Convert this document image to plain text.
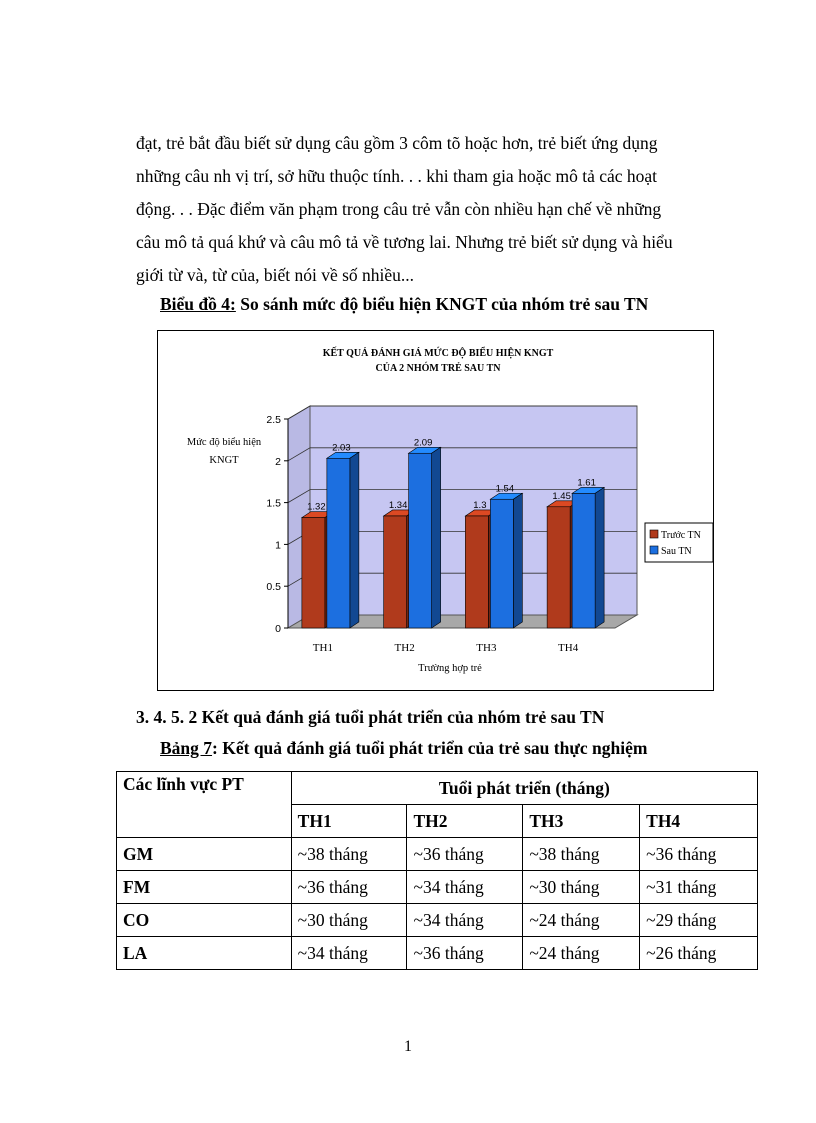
đạt, trẻ bắt đầu biết sử dụng câu gồm 3 côm tõ hoặc hơn, trẻ biết ứng dụng
những câu nh vị trí, sở hữu thuộc tính. . . khi tham gia hoặc mô tả các hoạt
động. . . Đặc điểm văn phạm trong câu trẻ vẫn còn nhiều hạn chế về những
câu mô tả quá khứ và câu mô tả về tương lai. Nhưng trẻ biết sử dụng và hiểu
giới từ và, từ của, biết nói về số nhiều...
Biểu đồ 4: So sánh mức độ biểu hiện KNGT của nhóm trẻ sau TN
KẾT QUẢ ĐÁNH GIÁ MỨC ĐỘ BIỂU HIỆN KNGT
CỦA 2 NHÓM TRẺ SAU TN
Mức độ biểu hiện
KNGT
Trường hợp trẻ
0
0.5
1
1.5
2
2.5
1.32
2.03
TH1
1.34
2.09
TH2
1.3
1.54
TH3
1.45
1.61
TH4
Trước TN
Sau TN
3. 4. 5. 2 Kết quả đánh giá tuổi phát triển của nhóm trẻ sau TN
Bảng 7: Kết quả đánh giá tuổi phát triển của trẻ sau thực nghiệm
Các lĩnh vực PT	Tuổi phát triển (tháng)			
	TH1	TH2	TH3	TH4
GM	~38 tháng	~36 tháng	~38 tháng	~36 tháng
FM	~36 tháng	~34 tháng	~30 tháng	~31 tháng
CO	~30 tháng	~34 tháng	~24 tháng	~29 tháng
LA	~34 tháng	~36 tháng	~24 tháng	~26 tháng
1
